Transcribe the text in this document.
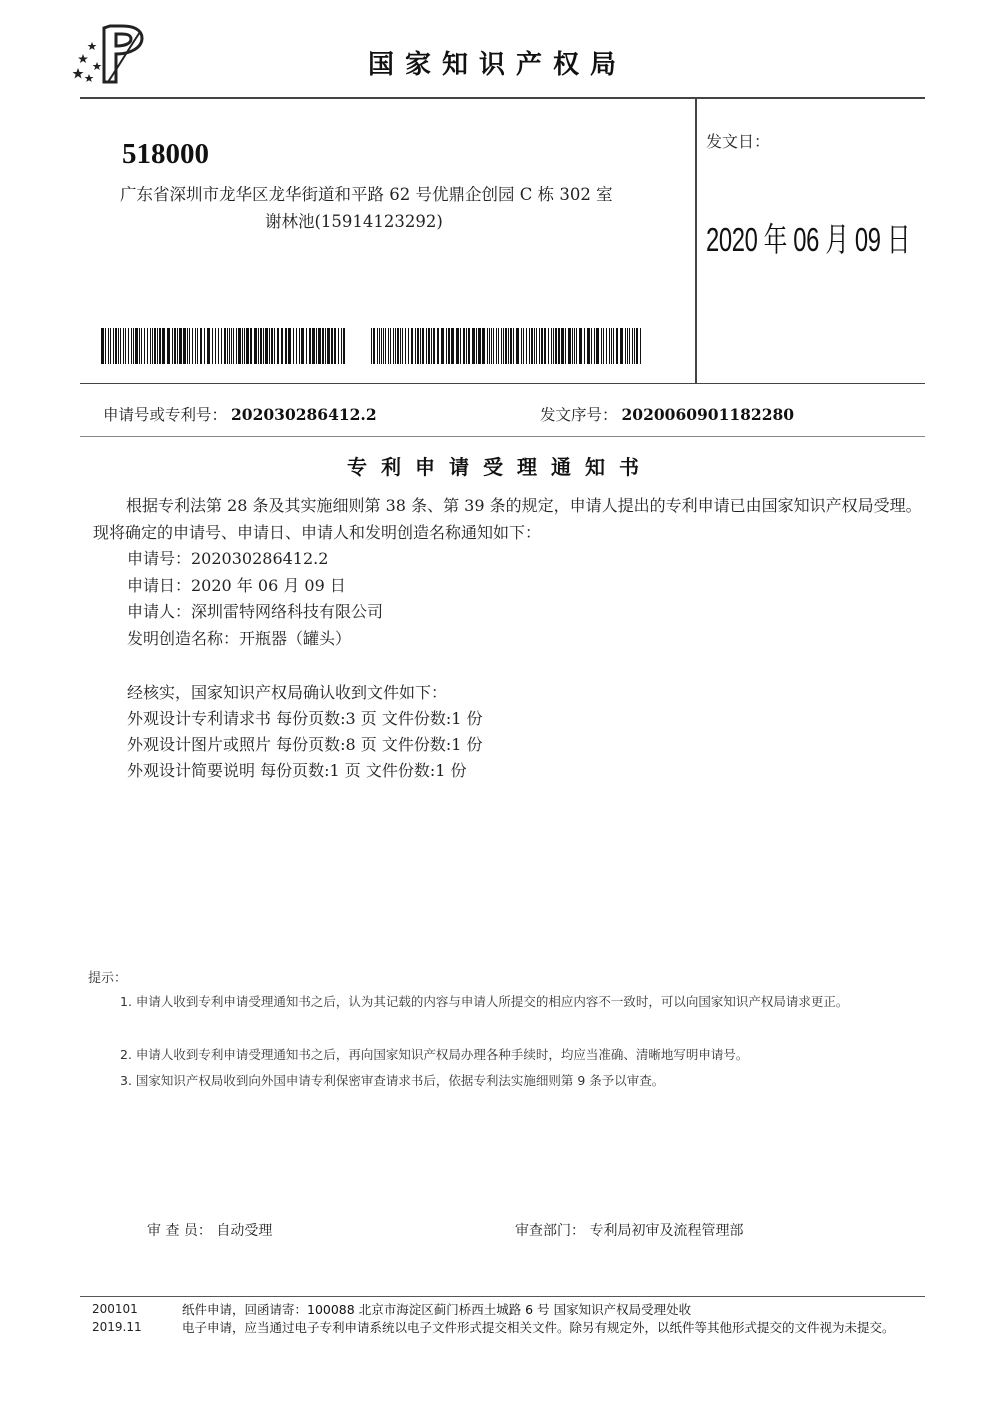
国家知识产权局
518000
广东省深圳市龙华区龙华街道和平路 62 号优鼎企创园 C 栋 302 室
谢林池(15914123292)
发文日：
2020 年 06 月 09 日
申请号或专利号： 202030286412.2	发文序号： 2020060901182280
专利申请受理通知书
根据专利法第 28 条及其实施细则第 38 条、第 39 条的规定，申请人提出的专利申请已由国家知识产权局受理。现将确定的申请号、申请日、申请人和发明创造名称通知如下：
申请号：202030286412.2
申请日：2020 年 06 月 09 日
申请人：深圳雷特网络科技有限公司
发明创造名称：开瓶器（罐头）
经核实，国家知识产权局确认收到文件如下：
外观设计专利请求书 每份页数:3 页 文件份数:1 份
外观设计图片或照片 每份页数:8 页 文件份数:1 份
外观设计简要说明 每份页数:1 页 文件份数:1 份
提示：
1. 申请人收到专利申请受理通知书之后，认为其记载的内容与申请人所提交的相应内容不一致时，可以向国家知识产权局请求更正。
2. 申请人收到专利申请受理通知书之后，再向国家知识产权局办理各种手续时，均应当准确、清晰地写明申请号。
3. 国家知识产权局收到向外国申请专利保密审查请求书后，依据专利法实施细则第 9 条予以审查。
审 查 员： 自动受理	审查部门： 专利局初审及流程管理部
200101
2019.11
纸件申请，回函请寄：100088 北京市海淀区蓟门桥西土城路 6 号 国家知识产权局受理处收
电子申请，应当通过电子专利申请系统以电子文件形式提交相关文件。除另有规定外，以纸件等其他形式提交的文件视为未提交。
